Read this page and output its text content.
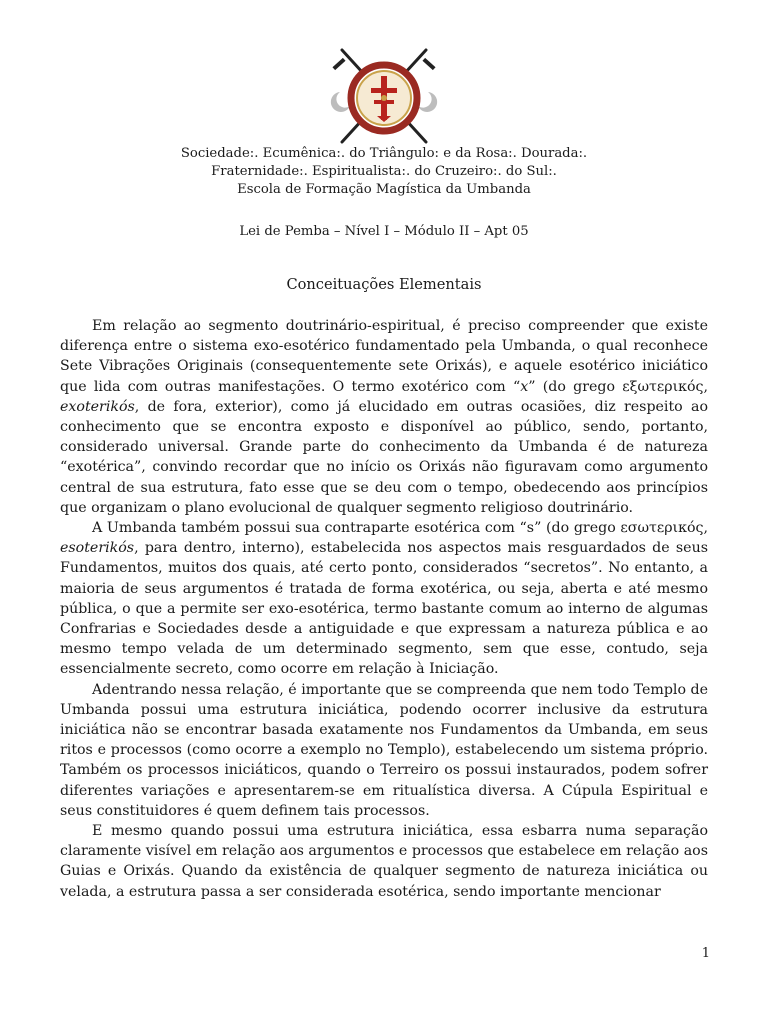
Sociedade:. Ecumênica:. do Triângulo: e da Rosa:. Dourada:.

Fraternidade:. Espiritualista:. do Cruzeiro:. do Sul:.

Escola de Formação Magística da Umbanda

Lei de Pemba – Nível I – Módulo II – Apt 05

Conceituações Elementais

Em relação ao segmento doutrinário-espiritual, é preciso compreender que existe diferença entre o sistema exo-esotérico fundamentado pela Umbanda, o qual reconhece Sete Vibrações Originais (consequentemente sete Orixás), e aquele esotérico iniciático que lida com outras manifestações. O termo exotérico com “x” (do grego εξωτερικός, exoterikós, de fora, exterior), como já elucidado em outras ocasiões, diz respeito ao conhecimento que se encontra exposto e disponível ao público, sendo, portanto, considerado universal. Grande parte do conhecimento da Umbanda é de natureza “exotérica”, convindo recordar que no início os Orixás não figuravam como argumento central de sua estrutura, fato esse que se deu com o tempo, obedecendo aos princípios que organizam o plano evolucional de qualquer segmento religioso doutrinário.

A Umbanda também possui sua contraparte esotérica com “s” (do grego εσωτερικός, esoterikós, para dentro, interno), estabelecida nos aspectos mais resguardados de seus Fundamentos, muitos dos quais, até certo ponto, considerados “secretos”. No entanto, a maioria de seus argumentos é tratada de forma exotérica, ou seja, aberta e até mesmo pública, o que a permite ser exo-esotérica, termo bastante comum ao interno de algumas Confrarias e Sociedades desde a antiguidade e que expressam a natureza pública e ao mesmo tempo velada de um determinado segmento, sem que esse, contudo, seja essencialmente secreto, como ocorre em relação à Iniciação.

Adentrando nessa relação, é importante que se compreenda que nem todo Templo de Umbanda possui uma estrutura iniciática, podendo ocorrer inclusive da estrutura iniciática não se encontrar basada exatamente nos Fundamentos da Umbanda, em seus ritos e processos (como ocorre a exemplo no Templo), estabelecendo um sistema próprio. Também os processos iniciáticos, quando o Terreiro os possui instaurados, podem sofrer diferentes variações e apresentarem-se em ritualística diversa. A Cúpula Espiritual e seus constituidores é quem definem tais processos.

E mesmo quando possui uma estrutura iniciática, essa esbarra numa separação claramente visível em relação aos argumentos e processos que estabelece em relação aos Guias e Orixás. Quando da existência de qualquer segmento de natureza iniciática ou velada, a estrutura passa a ser considerada esotérica, sendo importante mencionar

1
